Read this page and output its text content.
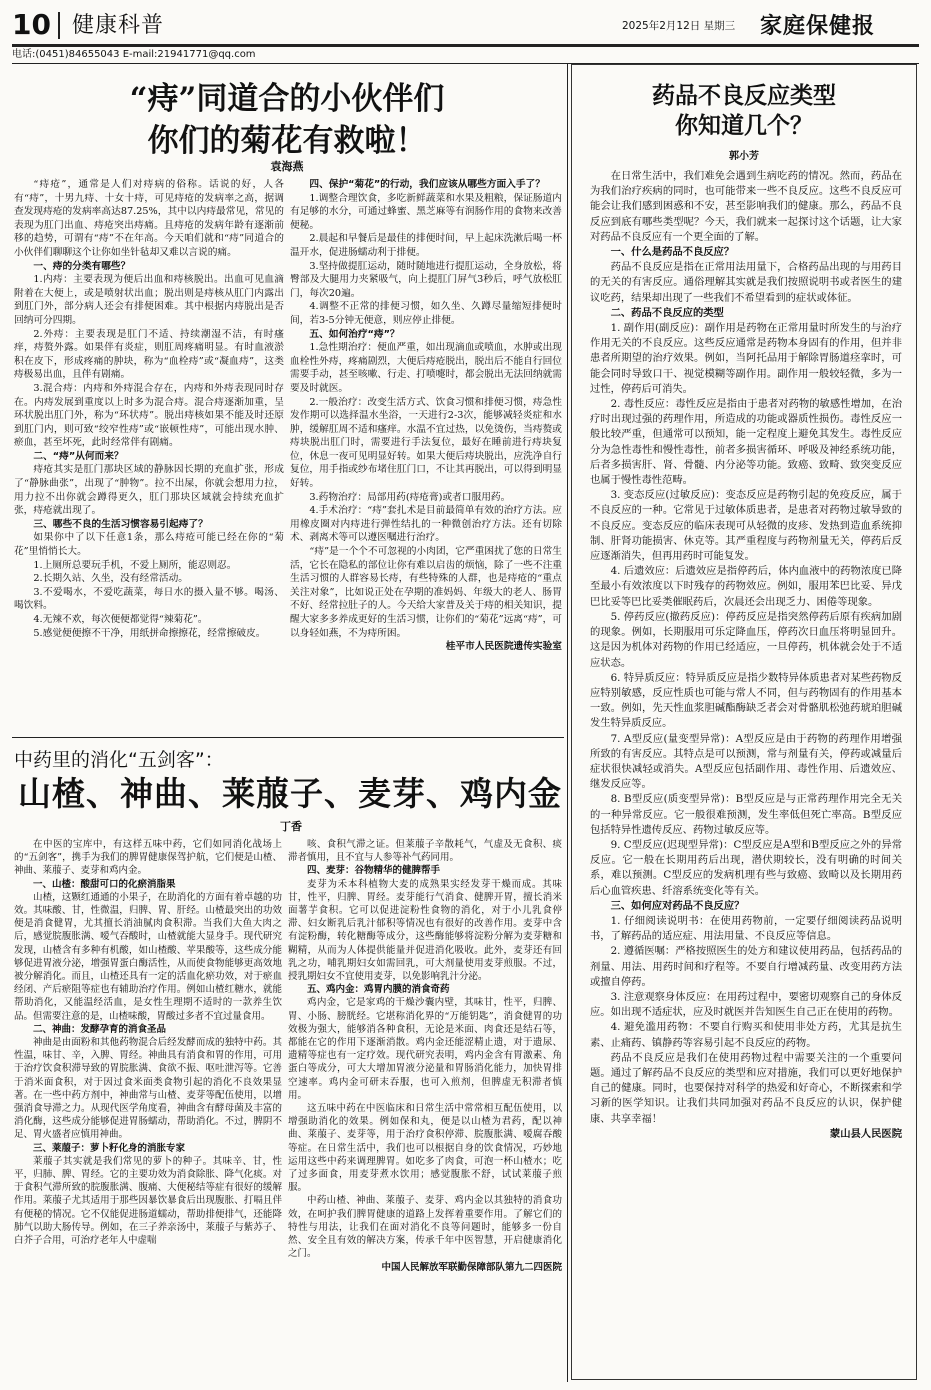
10 健康科普	2025年2月12日 星期三 家庭保健报
电话:(0451)84655043 E-mail:21941771@qq.com
“痔”同道合的小伙伴们
你们的菊花有救啦！
袁海燕

“痔疮”，通常是人们对痔病的俗称。话说的好，人各有“痔”，十男九痔、十女十痔，可见痔疮的发病率之高，据调查发现痔疮的发病率高达87.25%，其中以内痔最常见，常见的表现为肛门出血、痔疮突出痔痛。且痔疮的发病年龄有逐渐前移的趋势，可谓有“痔”不在年高。今天咱们就和“痔”同道合的小伙伴们聊聊这个让你如坐针毡却又难以言说的痛。

一、痔的分类有哪些？

1.内痔：主要表现为便后出血和痔核脱出。出血可见血滴附着在大便上，或是喷射状出血；脱出则是痔核从肛门内露出到肛门外，部分病人还会有排便困难。其中根据内痔脱出是否回纳可分四期。

2.外痔：主要表现是肛门不适、持续潮湿不洁，有时瘙痒，痔赘外露。如果伴有炎症，则肛周疼痛明显。有时血液淤积在皮下，形成疼痛的肿块，称为“血栓痔”或“凝血痔”，这类痔极易出血，且伴有剧痛。

3.混合痔：内痔和外痔混合存在，内痔和外痔表现同时存在。内痔发展到重度以上时多为混合痔。混合痔逐渐加重，呈环状脱出肛门外，称为“环状痔”。脱出痔核如果不能及时还原到肛门内，则可致“绞窄性痔”或“嵌顿性痔”，可能出现水肿、瘀血，甚至坏死，此时经常伴有剧痛。

二、“痔”从何而来？

痔疮其实是肛门那块区域的静脉因长期的充血扩张，形成了“静脉曲张”，出现了“肿物”。拉不出屎，你就会想用力拉，用力拉不出你就会蹲得更久，肛门那块区域就会持续充血扩张，痔疮就出现了。

三、哪些不良的生活习惯容易引起痔了？

如果你中了以下任意1条，那么痔疮可能已经在你的“菊花”里悄悄长大。

1.上厕所总要玩手机，不爱上厕所，能忍则忍。

2.长期久站、久坐，没有经常活动。

3.不爱喝水，不爱吃蔬菜，每日水的摄入量不够。喝汤、喝饮料。

4.无辣不欢，每次便便都觉得“辣菊花”。

5.感觉便便擦不干净，用纸拼命擦擦花，经常擦破皮。

四、保护“菊花”的行动，我们应该从哪些方面入手了？

1.调整合理饮食，多吃新鲜蔬菜和水果及粗粮，保证肠道内有足够的水分，可通过蜂蜜、黑芝麻等有润肠作用的食物来改善便秘。

2.晨起和早餐后是最佳的排便时间，早上起床洗漱后喝一杯温开水，促进肠蠕动利于排便。

3.坚持做提肛运动，随时随地进行提肛运动，全身放松，将臀部及大腿用力夹紧吸气，向上提肛门屏气3秒后，呼气放松肛门，每次20遍。

4.调整不正常的排便习惯，如久坐、久蹲尽量缩短排便时间，若3-5分钟无便意，则应停止排便。

五、如何治疗“痔”？

1.急性期治疗：便血严重，如出现滴血或喷血，水肿或出现血栓性外痔，疼痛剧烈，大便后痔疮脱出，脱出后不能自行回位需要手动，甚至咳嗽、行走、打喷嚏时，都会脱出无法回纳就需要及时就医。

2.一般治疗：改变生活方式、饮食习惯和排便习惯，痔急性发作期可以选择温水坐浴，一天进行2-3次，能够减轻炎症和水肿，缓解肛周不适和瘙痒。水温不宜过热，以免烫伤，当痔赘或痔块脱出肛门时，需要进行手法复位，最好在睡前进行痔块复位，休息一夜可见明显好转。如果大便后痔块脱出，应洗净自行复位，用手指或纱布堵住肛门口，不让其再脱出，可以得到明显好转。

3.药物治疗：局部用药(痔疮膏)或者口服用药。

4.手术治疗：“痔”套扎术是目前最简单有效的治疗方法。应用橡皮圈对内痔进行弹性结扎的一种微创治疗方法。还有切除术、剥离术等可以遵医嘱进行治疗。

“痔”是一个个不可忽视的小肉团，它严重困扰了您的日常生活，它长在隐私的部位让你有难以启齿的烦恼，除了一些不注重生活习惯的人群容易长痔，有些特殊的人群，也是痔疮的“重点关注对象”，比如说正处在孕期的准妈妈、年级大的老人、肠胃不好、经常拉肚子的人。今天给大家普及关于痔的相关知识，提醒大家多多养成更好的生活习惯，让你们的“菊花”远离“痔”，可以身轻如燕，不为痔所困。

桂平市人民医院遗传实验室

中药里的消化“五剑客”：
山楂、神曲、莱菔子、麦芽、鸡内金
丁香

在中医的宝库中，有这样五味中药，它们如同消化战场上的“五剑客”，携手为我们的脾胃健康保驾护航，它们便是山楂、神曲、莱菔子、麦芽和鸡内金。

一、山楂：酸甜可口的化瘀消脂果

山楂，这颗红通通的小果子，在助消化的方面有着卓越的功效。其味酸、甘，性微温，归脾、胃、肝经。山楂最突出的功效便是消食健胃，尤其擅长消油腻肉食积滞。当我们大鱼大肉之后，感觉脘腹胀满、嗳气吞酸时，山楂就能大显身手。现代研究发现，山楂含有多种有机酸，如山楂酸、苹果酸等，这些成分能够促进胃液分泌，增强胃蛋白酶活性，从而使食物能够更高效地被分解消化。而且，山楂还具有一定的活血化瘀功效，对于瘀血经闭、产后瘀阻等症也有辅助治疗作用。例如山楂红糖水，就能帮助消化，又能温经活血，是女性生理期不适时的一款养生饮品。但需要注意的是，山楂味酸，胃酸过多者不宜过量食用。

二、神曲：发酵孕育的消食圣品

神曲是由面粉和其他药物混合后经发酵而成的独特中药。其性温，味甘、辛，入脾、胃经。神曲具有消食和胃的作用，可用于治疗饮食积滞导致的胃脘胀满、食欲不振、呕吐泄泻等。它善于消米面食积，对于因过食米面类食物引起的消化不良效果显著。在一些中药方剂中，神曲常与山楂、麦芽等配伍使用，以增强消食导滞之力。从现代医学角度看，神曲含有酵母菌及丰富的消化酶，这些成分能够促进胃肠蠕动，帮助消化。不过，脾阴不足、胃火盛者应慎用神曲。

三、莱菔子：萝卜籽化身的消胀专家

莱菔子其实就是我们常见的萝卜的种子。其味辛、甘，性平，归肺、脾、胃经。它的主要功效为消食除胀、降气化痰。对于食积气滞所致的脘腹胀满、腹痛、大便秘结等症有很好的缓解作用。莱菔子尤其适用于那些因暴饮暴食后出现腹胀、打嗝且伴有便秘的情况。它不仅能促进肠道蠕动，帮助排便排气，还能降肺气以助大肠传导。例如，在三子养亲汤中，莱菔子与紫苏子、白芥子合用，可治疗老年人中虚喘

咳、食积气滞之证。但莱菔子辛散耗气，气虚及无食积、痰滞者慎用，且不宜与人参等补气药同用。

四、麦芽：谷物精华的健脾帮手

麦芽为禾本科植物大麦的成熟果实经发芽干燥而成。其味甘，性平，归脾、胃经。麦芽能行气消食、健脾开胃，擅长消米面薯芋食积。它可以促进淀粉性食物的消化，对于小儿乳食停滞、妇女断乳后乳汁郁积等情况也有很好的改善作用。麦芽中含有淀粉酶，转化糖酶等成分，这些酶能够将淀粉分解为麦芽糖和糊精，从而为人体提供能量并促进消化吸收。此外，麦芽还有回乳之功，哺乳期妇女如需回乳，可大剂量使用麦芽煎服。不过，授乳期妇女不宜使用麦芽，以免影响乳汁分泌。

五、鸡内金：鸡胃内膜的消食奇药

鸡内金，它是家鸡的干燥沙囊内壁，其味甘，性平，归脾、胃、小肠、膀胱经。它堪称消化界的“万能钥匙”，消食健胃的功效极为强大，能够消各种食积，无论是米面、肉食还是结石等，都能在它的作用下逐渐消散。鸡内金还能涩精止遗，对于遗尿、遗精等症也有一定疗效。现代研究表明，鸡内金含有胃激素、角蛋白等成分，可大大增加胃液分泌量和胃肠消化能力，加快胃排空速率。鸡内金可研末吞服，也可入煎剂，但脾虚无积滞者慎用。

这五味中药在中医临床和日常生活中常常相互配伍使用，以增强助消化的效果。例如保和丸，便是以山楂为君药，配以神曲、莱菔子、麦芽等，用于治疗食积停滞、脘腹胀满、嗳腐吞酸等症。在日常生活中，我们也可以根据自身的饮食情况，巧妙地运用这些中药来调理脾胃。如吃多了肉食，可泡一杯山楂水；吃了过多面食，用麦芽煮水饮用；感觉腹胀不舒，试试莱菔子煎服。

中药山楂、神曲、莱菔子、麦芽、鸡内金以其独特的消食功效，在呵护我们脾胃健康的道路上发挥着重要作用。了解它们的特性与用法，让我们在面对消化不良等问题时，能够多一份自然、安全且有效的解决方案，传承千年中医智慧，开启健康消化之门。

中国人民解放军联勤保障部队第九二四医院

药品不良反应类型
你知道几个？
郭小芳

在日常生活中，我们难免会遇到生病吃药的情况。然而，药品在为我们治疗疾病的同时，也可能带来一些不良反应。这些不良反应可能会让我们感到困惑和不安，甚至影响我们的健康。那么，药品不良反应到底有哪些类型呢？今天，我们就来一起探讨这个话题，让大家对药品不良反应有一个更全面的了解。

一、什么是药品不良反应？

药品不良反应是指在正常用法用量下，合格药品出现的与用药目的无关的有害反应。通俗理解其实就是我们按照说明书或者医生的建议吃药，结果却出现了一些我们不希望看到的症状或体征。

二、药品不良反应的类型

1. 副作用(副反应)：副作用是药物在正常用量时所发生的与治疗作用无关的不良反应。这些反应通常是药物本身固有的作用，但并非患者所期望的治疗效果。例如，当阿托品用于解除胃肠道痉挛时，可能会同时导致口干、视觉模糊等副作用。副作用一般较轻微，多为一过性，停药后可消失。

2. 毒性反应：毒性反应是指由于患者对药物的敏感性增加，在治疗时出现过强的药理作用，所造成的功能或器质性损伤。毒性反应一般比较严重，但通常可以预知，能一定程度上避免其发生。毒性反应分为急性毒性和慢性毒性，前者多损害循环、呼吸及神经系统功能，后者多损害肝、肾、骨髓、内分泌等功能。致癌、致畸、致突变反应也属于慢性毒性范畴。

3. 变态反应(过敏反应)：变态反应是药物引起的免疫反应，属于不良反应的一种。它常见于过敏体质患者，是患者对药物过敏导致的不良反应。变态反应的临床表现可从轻微的皮疹、发热到造血系统抑制、肝肾功能损害、休克等。其严重程度与药物剂量无关，停药后反应逐渐消失，但再用药时可能复发。

4. 后遗效应：后遗效应是指停药后，体内血液中的药物浓度已降至最小有效浓度以下时残存的药物效应。例如，服用苯巴比妥、异戊巴比妥等巴比妥类催眠药后，次晨还会出现乏力、困倦等现象。

5. 停药反应(撤药反应)：停药反应是指突然停药后原有疾病加剧的现象。例如，长期服用可乐定降血压，停药次日血压将明显回升。这是因为机体对药物的作用已经适应，一旦停药，机体就会处于不适应状态。

6. 特异质反应：特异质反应是指少数特异体质患者对某些药物反应特别敏感，反应性质也可能与常人不同，但与药物固有的作用基本一致。例如，先天性血浆胆碱酯酶缺乏者会对骨骼肌松弛药琥珀胆碱发生特异质反应。

7. A型反应(量变型异常)：A型反应是由于药物的药理作用增强所致的有害反应。其特点是可以预测，常与剂量有关，停药或减量后症状很快减轻或消失。A型反应包括副作用、毒性作用、后遗效应、继发反应等。

8. B型反应(质变型异常)：B型反应是与正常药理作用完全无关的一种异常反应。它一般很难预测，发生率低但死亡率高。B型反应包括特异性遗传反应、药物过敏反应等。

9. C型反应(迟现型异常)：C型反应是A型和B型反应之外的异常反应。它一般在长期用药后出现，潜伏期较长，没有明确的时间关系，难以预测。C型反应的发病机理有些与致癌、致畸以及长期用药后心血管疾患、纤溶系统变化等有关。

三、如何应对药品不良反应？

1. 仔细阅读说明书：在使用药物前，一定要仔细阅读药品说明书，了解药品的适应症、用法用量、不良反应等信息。

2. 遵循医嘱：严格按照医生的处方和建议使用药品，包括药品的剂量、用法、用药时间和疗程等。不要自行增减药量、改变用药方法或擅自停药。

3. 注意观察身体反应：在用药过程中，要密切观察自己的身体反应。如出现不适症状，应及时就医并告知医生自己正在使用的药物。

4. 避免滥用药物：不要自行购买和使用非处方药，尤其是抗生素、止痛药、镇静药等容易引起不良反应的药物。

药品不良反应是我们在使用药物过程中需要关注的一个重要问题。通过了解药品不良反应的类型和应对措施，我们可以更好地保护自己的健康。同时，也要保持对科学的热爱和好奇心，不断探索和学习新的医学知识。让我们共同加强对药品不良反应的认识，保护健康、共享幸福！

蒙山县人民医院
